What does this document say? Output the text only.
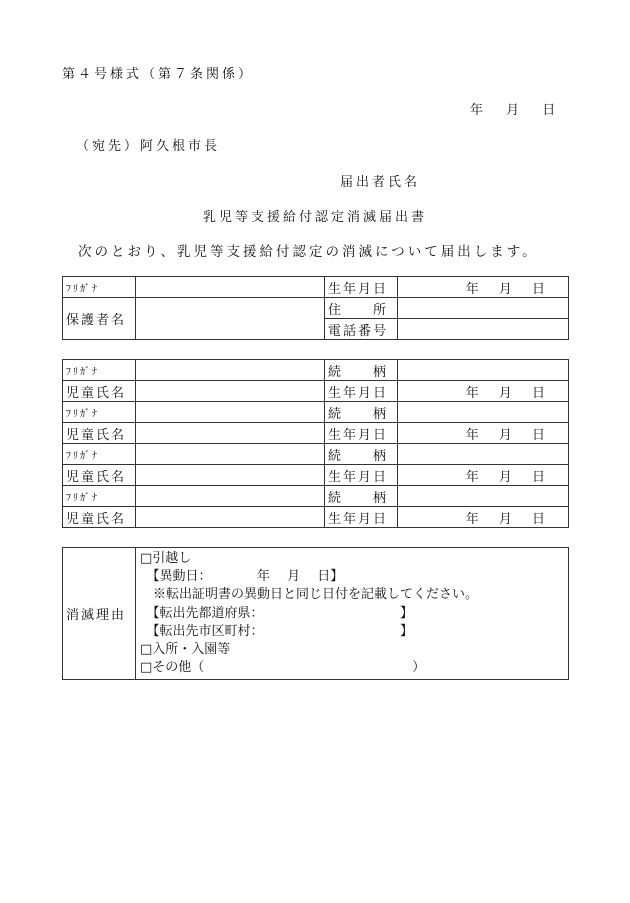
第４号様式（第７条関係）
年　 月　 日
（宛先）阿久根市長
届出者氏名
乳児等支援給付認定消滅届出書
次のとおり、乳児等支援給付認定の消滅について届出します。
ﾌﾘｶﾞﾅ		生年月日	年　 月　 日
保護者名		住　　所	
		電話番号	
ﾌﾘｶﾞﾅ		続　　柄	
児童氏名		生年月日	年　 月　 日
ﾌﾘｶﾞﾅ		続　　柄	
児童氏名		生年月日	年　 月　 日
ﾌﾘｶﾞﾅ		続　　柄	
児童氏名		生年月日	年　 月　 日
ﾌﾘｶﾞﾅ		続　　柄	
児童氏名		生年月日	年　 月　 日
消滅理由	
□引越し
　【異動日：　　　　年　 月　 日】
　※転出証明書の異動日と同じ日付を記載してください。
　【転出先都道府県：　　　　　　　　　　　】
　【転出先市区町村：　　　　　　　　　　　】
□入所・入園等
□その他（　　　　　　　　　　　　　　　　）
